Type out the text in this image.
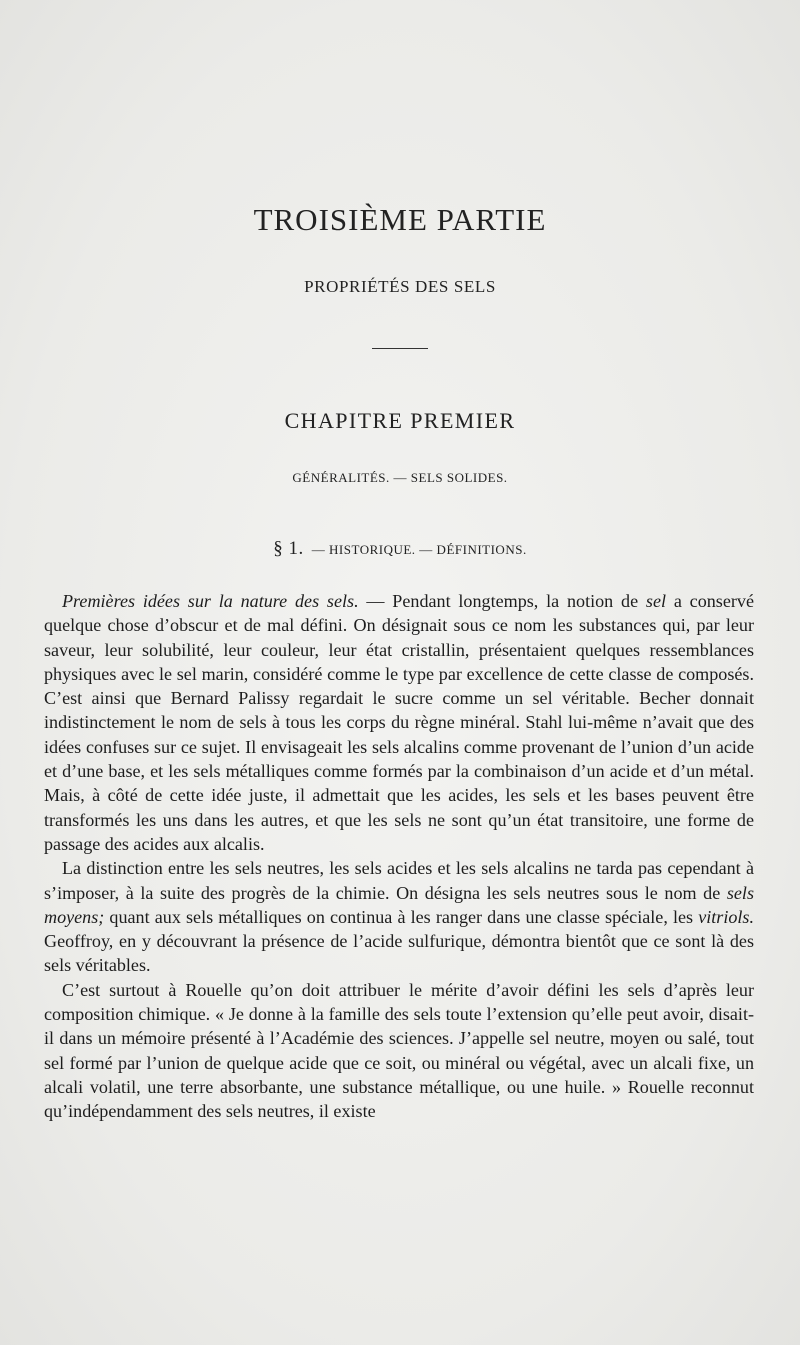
TROISIÈME PARTIE
PROPRIÉTÉS DES SELS
CHAPITRE PREMIER
GÉNÉRALITÉS. — SELS SOLIDES.
§ 1. — HISTORIQUE. — DÉFINITIONS.

Premières idées sur la nature des sels. — Pendant longtemps, la notion de sel a conservé quelque chose d’obscur et de mal défini. On désignait sous ce nom les substances qui, par leur saveur, leur solubilité, leur couleur, leur état cristallin, présentaient quelques ressemblances physiques avec le sel marin, considéré comme le type par excellence de cette classe de composés. C’est ainsi que Bernard Palissy regardait le sucre comme un sel véritable. Becher donnait indistinctement le nom de sels à tous les corps du règne minéral. Stahl lui-même n’avait que des idées confuses sur ce sujet. Il envisageait les sels alcalins comme provenant de l’union d’un acide et d’une base, et les sels métalliques comme formés par la combinaison d’un acide et d’un métal. Mais, à côté de cette idée juste, il admettait que les acides, les sels et les bases peuvent être transformés les uns dans les autres, et que les sels ne sont qu’un état transitoire, une forme de passage des acides aux alcalis.

La distinction entre les sels neutres, les sels acides et les sels alcalins ne tarda pas cependant à s’imposer, à la suite des progrès de la chimie. On désigna les sels neutres sous le nom de sels moyens; quant aux sels métalliques on continua à les ranger dans une classe spéciale, les vitriols. Geoffroy, en y découvrant la présence de l’acide sulfurique, démontra bientôt que ce sont là des sels véritables.

C’est surtout à Rouelle qu’on doit attribuer le mérite d’avoir défini les sels d’après leur composition chimique. « Je donne à la famille des sels toute l’extension qu’elle peut avoir, disait-il dans un mémoire présenté à l’Académie des sciences. J’appelle sel neutre, moyen ou salé, tout sel formé par l’union de quelque acide que ce soit, ou minéral ou végétal, avec un alcali fixe, un alcali volatil, une terre absorbante, une substance métallique, ou une huile. » Rouelle reconnut qu’indépendamment des sels neutres, il existe
